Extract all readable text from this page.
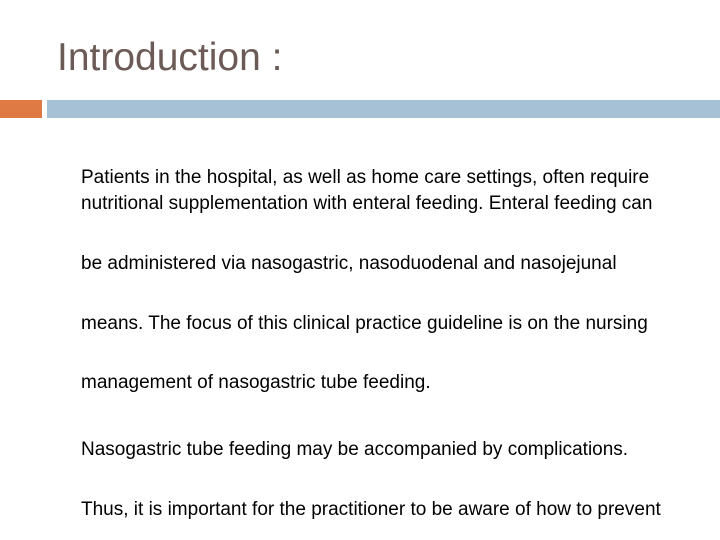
Introduction :

Patients in the hospital, as well as home care settings, often require nutritional supplementation with enteral feeding. Enteral feeding can

be administered via nasogastric, nasoduodenal and nasojejunal

means. The focus of this clinical practice guideline is on the nursing

management of nasogastric tube feeding.

Nasogastric tube feeding may be accompanied by complications.

Thus, it is important for the practitioner to be aware of how to prevent
